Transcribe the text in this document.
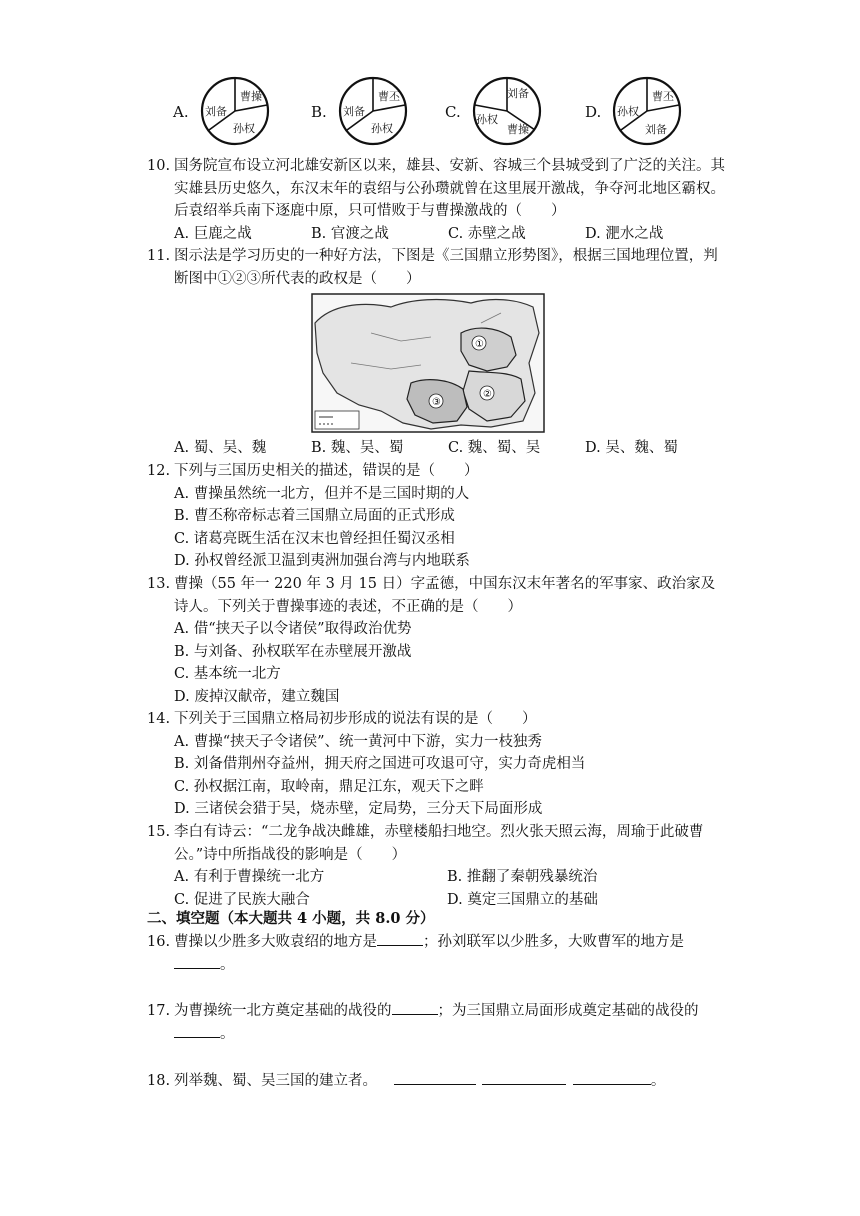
A.
曹操
刘备
孙权
B.
曹丕
刘备
孙权
C.
刘备
孙权
曹操
D.
曹丕
孙权
刘备
10. 国务院宣布设立河北雄安新区以来，雄县、安新、容城三个县城受到了广泛的关注。其实雄县历史悠久，东汉末年的袁绍与公孙瓒就曾在这里展开激战，争夺河北地区霸权。后袁绍举兵南下逐鹿中原，只可惜败于与曹操激战的（　　）
A. 巨鹿之战	B. 官渡之战	C. 赤壁之战	D. 淝水之战
11. 图示法是学习历史的一种好方法，下图是《三国鼎立形势图》，根据三国地理位置，判断图中①②③所代表的政权是（　　）
①
②
③
A. 蜀、吴、魏	B. 魏、吴、蜀	C. 魏、蜀、吴	D. 吴、魏、蜀
12. 下列与三国历史相关的描述，错误的是（　　）
A. 曹操虽然统一北方，但并不是三国时期的人
B. 曹丕称帝标志着三国鼎立局面的正式形成
C. 诸葛亮既生活在汉末也曾经担任蜀汉丞相
D. 孙权曾经派卫温到夷洲加强台湾与内地联系
13. 曹操（55 年一 220 年 3 月 15 日）字孟德，中国东汉末年著名的军事家、政治家及诗人。下列关于曹操事迹的表述，不正确的是（　　）
A. 借“挟天子以令诸侯”取得政治优势
B. 与刘备、孙权联军在赤壁展开激战
C. 基本统一北方
D. 废掉汉献帝，建立魏国
14. 下列关于三国鼎立格局初步形成的说法有误的是（　　）
A. 曹操“挟天子令诸侯”、统一黄河中下游，实力一枝独秀
B. 刘备借荆州夺益州，拥天府之国进可攻退可守，实力奇虎相当
C. 孙权据江南，取岭南，鼎足江东，观天下之畔
D. 三诸侯会猎于吴，烧赤壁，定局势，三分天下局面形成
15. 李白有诗云：“二龙争战决雌雄，赤壁楼船扫地空。烈火张天照云海，周瑜于此破曹公。”诗中所指战役的影响是（　　）
A. 有利于曹操统一北方	B. 推翻了秦朝残暴统治
C. 促进了民族大融合	D. 奠定三国鼎立的基础
二、填空题（本大题共 4 小题，共 8.0 分）
16. 曹操以少胜多大败袁绍的地方是	；孙刘联军以少胜多，大败曹军的地方是
。
17. 为曹操统一北方奠定基础的战役的	；为三国鼎立局面形成奠定基础的战役的
。
18. 列举魏、蜀、吴三国的建立者。	。
